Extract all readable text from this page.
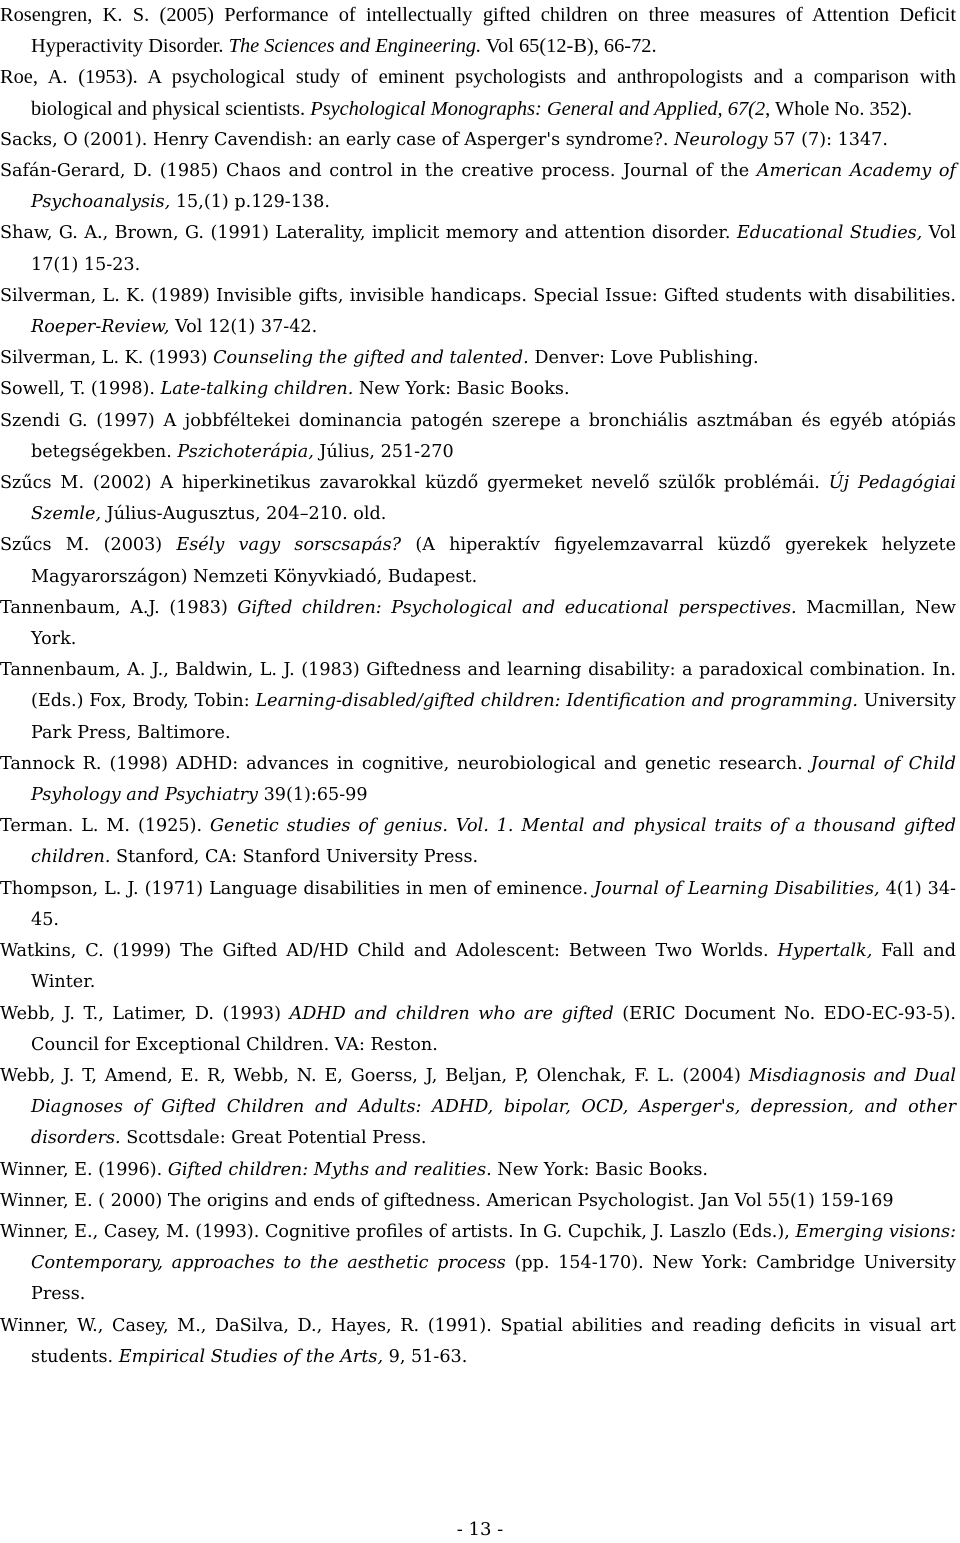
Rosengren, K. S. (2005) Performance of intellectually gifted children on three measures of Attention Deficit Hyperactivity Disorder. The Sciences and Engineering. Vol 65(12-B), 66-72.

Roe, A. (1953). A psychological study of eminent psychologists and anthropologists and a comparison with biological and physical scientists. Psychological Monographs: General and Applied, 67(2, Whole No. 352).

Sacks, O (2001). Henry Cavendish: an early case of Asperger's syndrome?. Neurology 57 (7): 1347.

Safán-Gerard, D. (1985) Chaos and control in the creative process. Journal of the American Academy of Psychoanalysis, 15,(1) p.129-138.

Shaw, G. A., Brown, G. (1991) Laterality, implicit memory and attention disorder. Educational Studies, Vol 17(1) 15-23.

Silverman, L. K. (1989) Invisible gifts, invisible handicaps. Special Issue: Gifted students with disabilities. Roeper-Review, Vol 12(1) 37-42.

Silverman, L. K. (1993) Counseling the gifted and talented. Denver: Love Publishing.

Sowell, T. (1998). Late-talking children. New York: Basic Books.

Szendi G. (1997) A jobbféltekei dominancia patogén szerepe a bronchiális asztmában és egyéb atópiás betegségekben. Pszichoterápia, Július, 251-270

Szűcs M. (2002) A hiperkinetikus zavarokkal küzdő gyermeket nevelő szülők problémái. Új Pedagógiai Szemle, Július-Augusztus, 204–210. old.

Szűcs M. (2003) Esély vagy sorscsapás? (A hiperaktív figyelemzavarral küzdő gyerekek helyzete Magyarországon) Nemzeti Könyvkiadó, Budapest.

Tannenbaum, A.J. (1983) Gifted children: Psychological and educational perspectives. Macmillan, New York.

Tannenbaum, A. J., Baldwin, L. J. (1983) Giftedness and learning disability: a paradoxical combination. In. (Eds.) Fox, Brody, Tobin: Learning-disabled/gifted children: Identification and programming. University Park Press, Baltimore.

Tannock R. (1998) ADHD: advances in cognitive, neurobiological and genetic research. Journal of Child Psyhology and Psychiatry 39(1):65-99

Terman. L. M. (1925). Genetic studies of genius. Vol. 1. Mental and physical traits of a thousand gifted children. Stanford, CA: Stanford University Press.

Thompson, L. J. (1971) Language disabilities in men of eminence. Journal of Learning Disabilities, 4(1) 34-45.

Watkins, C. (1999) The Gifted AD/HD Child and Adolescent: Between Two Worlds. Hypertalk, Fall and Winter.

Webb, J. T., Latimer, D. (1993) ADHD and children who are gifted (ERIC Document No. EDO-EC-93-5). Council for Exceptional Children. VA: Reston.

Webb, J. T, Amend, E. R, Webb, N. E, Goerss, J, Beljan, P, Olenchak, F. L. (2004) Misdiagnosis and Dual Diagnoses of Gifted Children and Adults: ADHD, bipolar, OCD, Asperger's, depression, and other disorders. Scottsdale: Great Potential Press.

Winner, E. (1996). Gifted children: Myths and realities. New York: Basic Books.

Winner, E. ( 2000) The origins and ends of giftedness. American Psychologist. Jan Vol 55(1) 159-169

Winner, E., Casey, M. (1993). Cognitive profiles of artists. In G. Cupchik, J. Laszlo (Eds.), Emerging visions: Contemporary, approaches to the aesthetic process (pp. 154-170). New York: Cambridge University Press.

Winner, W., Casey, M., DaSilva, D., Hayes, R. (1991). Spatial abilities and reading deficits in visual art students. Empirical Studies of the Arts, 9, 51-63.

- 13 -
